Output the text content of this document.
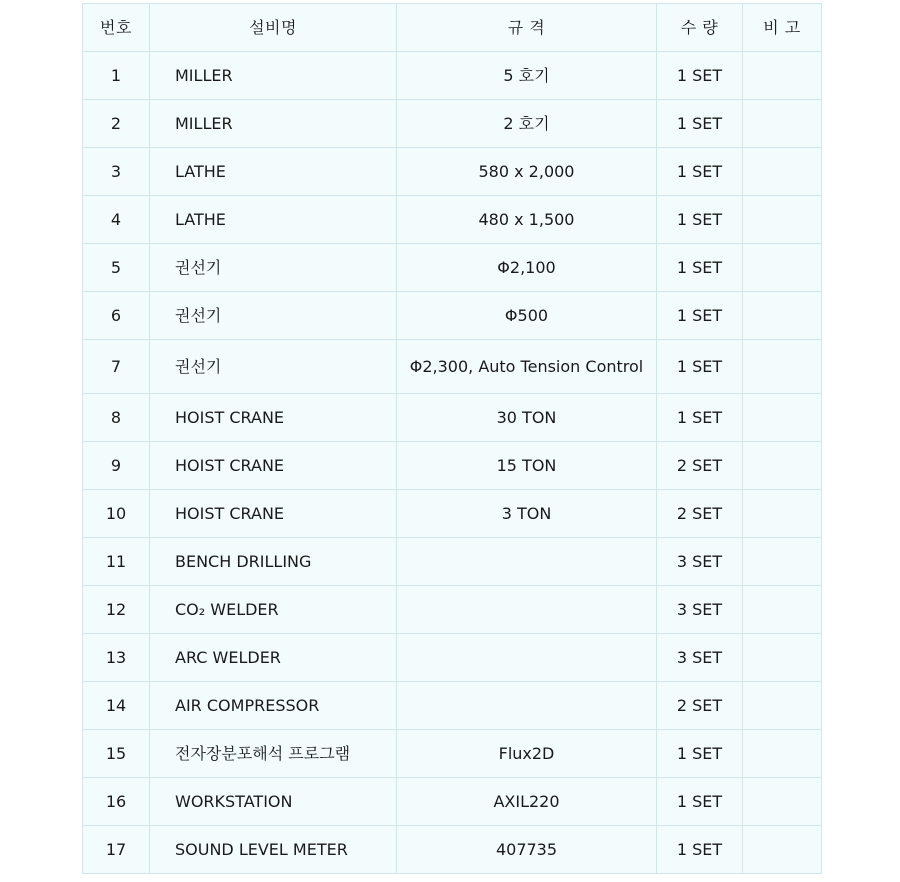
번호	설비명	규 격	수 량	비 고
1	MILLER	5 호기	1 SET	
2	MILLER	2 호기	1 SET	
3	LATHE	580 x 2,000	1 SET	
4	LATHE	480 x 1,500	1 SET	
5	권선기	Φ2,100	1 SET	
6	권선기	Φ500	1 SET	
7	권선기	Φ2,300, Auto Tension Control	1 SET	
8	HOIST CRANE	30 TON	1 SET	
9	HOIST CRANE	15 TON	2 SET	
10	HOIST CRANE	3 TON	2 SET	
11	BENCH DRILLING		3 SET	
12	CO₂ WELDER		3 SET	
13	ARC WELDER		3 SET	
14	AIR COMPRESSOR		2 SET	
15	전자장분포해석 프로그램	Flux2D	1 SET	
16	WORKSTATION	AXIL220	1 SET	
17	SOUND LEVEL METER	407735	1 SET	
